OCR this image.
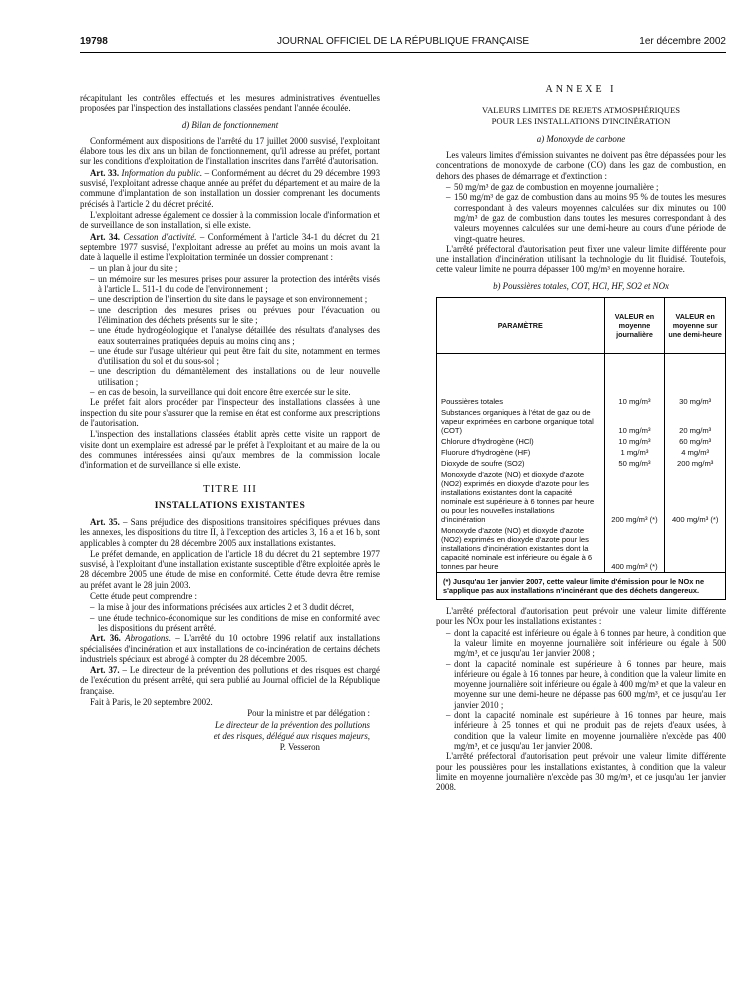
19798	JOURNAL OFFICIEL DE LA RÉPUBLIQUE FRANÇAISE	1er décembre 2002

récapitulant les contrôles effectués et les mesures administratives éventuelles proposées par l'inspection des installations classées pendant l'année écoulée.

d) Bilan de fonctionnement

Conformément aux dispositions de l'arrêté du 17 juillet 2000 susvisé, l'exploitant élabore tous les dix ans un bilan de fonctionnement, qu'il adresse au préfet, portant sur les conditions d'exploitation de l'installation inscrites dans l'arrêté d'autorisation.

Art. 33. Information du public. – Conformément au décret du 29 décembre 1993 susvisé, l'exploitant adresse chaque année au préfet du département et au maire de la commune d'implantation de son installation un dossier comprenant les documents précisés à l'article 2 du décret précité.

L'exploitant adresse également ce dossier à la commission locale d'information et de surveillance de son installation, si elle existe.

Art. 34. Cessation d'activité. – Conformément à l'article 34-1 du décret du 21 septembre 1977 susvisé, l'exploitant adresse au préfet au moins un mois avant la date à laquelle il estime l'exploitation terminée un dossier comprenant :

– un plan à jour du site ;
– un mémoire sur les mesures prises pour assurer la protection des intérêts visés à l'article L. 511-1 du code de l'environnement ;
– une description de l'insertion du site dans le paysage et son environnement ;
– une description des mesures prises ou prévues pour l'évacuation ou l'élimination des déchets présents sur le site ;
– une étude hydrogéologique et l'analyse détaillée des résultats d'analyses des eaux souterraines pratiquées depuis au moins cinq ans ;
– une étude sur l'usage ultérieur qui peut être fait du site, notamment en termes d'utilisation du sol et du sous-sol ;
– une description du démantèlement des installations ou de leur nouvelle utilisation ;
– en cas de besoin, la surveillance qui doit encore être exercée sur le site.

Le préfet fait alors procéder par l'inspecteur des installations classées à une inspection du site pour s'assurer que la remise en état est conforme aux prescriptions de l'autorisation.

L'inspection des installations classées établit après cette visite un rapport de visite dont un exemplaire est adressé par le préfet à l'exploitant et au maire de la ou des communes intéressées ainsi qu'aux membres de la commission locale d'information et de surveillance si elle existe.

TITRE III
INSTALLATIONS EXISTANTES

Art. 35. – Sans préjudice des dispositions transitoires spécifiques prévues dans les annexes, les dispositions du titre II, à l'exception des articles 3, 16 a et 16 b, sont applicables à compter du 28 décembre 2005 aux installations existantes.

Le préfet demande, en application de l'article 18 du décret du 21 septembre 1977 susvisé, à l'exploitant d'une installation existante susceptible d'être exploitée après le 28 décembre 2005 une étude de mise en conformité. Cette étude devra être remise au préfet avant le 28 juin 2003.

Cette étude peut comprendre :

– la mise à jour des informations précisées aux articles 2 et 3 dudit décret,
– une étude technico-économique sur les conditions de mise en conformité avec les dispositions du présent arrêté.

Art. 36. Abrogations. – L'arrêté du 10 octobre 1996 relatif aux installations spécialisées d'incinération et aux installations de co-incinération de certains déchets industriels spéciaux est abrogé à compter du 28 décembre 2005.

Art. 37. – Le directeur de la prévention des pollutions et des risques est chargé de l'exécution du présent arrêté, qui sera publié au Journal officiel de la République française.

Fait à Paris, le 20 septembre 2002.

Pour la ministre et par délégation :

Le directeur de la prévention des pollutions

et des risques, délégué aux risques majeurs,

P. Vesseron

ANNEXE I
VALEURS LIMITES DE REJETS ATMOSPHÉRIQUES
POUR LES INSTALLATIONS D'INCINÉRATION

a) Monoxyde de carbone

Les valeurs limites d'émission suivantes ne doivent pas être dépassées pour les concentrations de monoxyde de carbone (CO) dans les gaz de combustion, en dehors des phases de démarrage et d'extinction :

– 50 mg/m³ de gaz de combustion en moyenne journalière ;
– 150 mg/m³ de gaz de combustion dans au moins 95 % de toutes les mesures correspondant à des valeurs moyennes calculées sur dix minutes ou 100 mg/m³ de gaz de combustion dans toutes les mesures correspondant à des valeurs moyennes calculées sur une demi-heure au cours d'une période de vingt-quatre heures.

L'arrêté préfectoral d'autorisation peut fixer une valeur limite différente pour une installation d'incinération utilisant la technologie du lit fluidisé. Toutefois, cette valeur limite ne pourra dépasser 100 mg/m³ en moyenne horaire.

b) Poussières totales, COT, HCl, HF, SO2 et NOx

PARAMÈTRE	VALEUR en moyenne journalière	VALEUR en moyenne sur une demi-heure

Poussières totales	10 mg/m³	30 mg/m³
Substances organiques à l'état de gaz ou de vapeur exprimées en carbone organique total (COT)	10 mg/m³	20 mg/m³
Chlorure d'hydrogène (HCl)	10 mg/m³	60 mg/m³
Fluorure d'hydrogène (HF)	1 mg/m³	4 mg/m³
Dioxyde de soufre (SO2)	50 mg/m³	200 mg/m³
Monoxyde d'azote (NO) et dioxyde d'azote (NO2) exprimés en dioxyde d'azote pour les installations existantes dont la capacité nominale est supérieure à 6 tonnes par heure ou pour les nouvelles installations d'incinération	200 mg/m³ (*)	400 mg/m³ (*)
Monoxyde d'azote (NO) et dioxyde d'azote (NO2) exprimés en dioxyde d'azote pour les installations d'incinération existantes dont la capacité nominale est inférieure ou égale à 6 tonnes par heure	400 mg/m³ (*)	
(*) Jusqu'au 1er janvier 2007, cette valeur limite d'émission pour le NOx ne s'applique pas aux installations n'incinérant que des déchets dangereux.		

L'arrêté préfectoral d'autorisation peut prévoir une valeur limite différente pour les NOx pour les installations existantes :

– dont la capacité est inférieure ou égale à 6 tonnes par heure, à condition que la valeur limite en moyenne journalière soit inférieure ou égale à 500 mg/m³, et ce jusqu'au 1er janvier 2008 ;
– dont la capacité nominale est supérieure à 6 tonnes par heure, mais inférieure ou égale à 16 tonnes par heure, à condition que la valeur limite en moyenne journalière soit inférieure ou égale à 400 mg/m³ et que la valeur en moyenne sur une demi-heure ne dépasse pas 600 mg/m³, et ce jusqu'au 1er janvier 2010 ;
– dont la capacité nominale est supérieure à 16 tonnes par heure, mais inférieure à 25 tonnes et qui ne produit pas de rejets d'eaux usées, à condition que la valeur limite en moyenne journalière n'excède pas 400 mg/m³, et ce jusqu'au 1er janvier 2008.

L'arrêté préfectoral d'autorisation peut prévoir une valeur limite différente pour les poussières pour les installations existantes, à condition que la valeur limite en moyenne journalière n'excède pas 30 mg/m³, et ce jusqu'au 1er janvier 2008.
